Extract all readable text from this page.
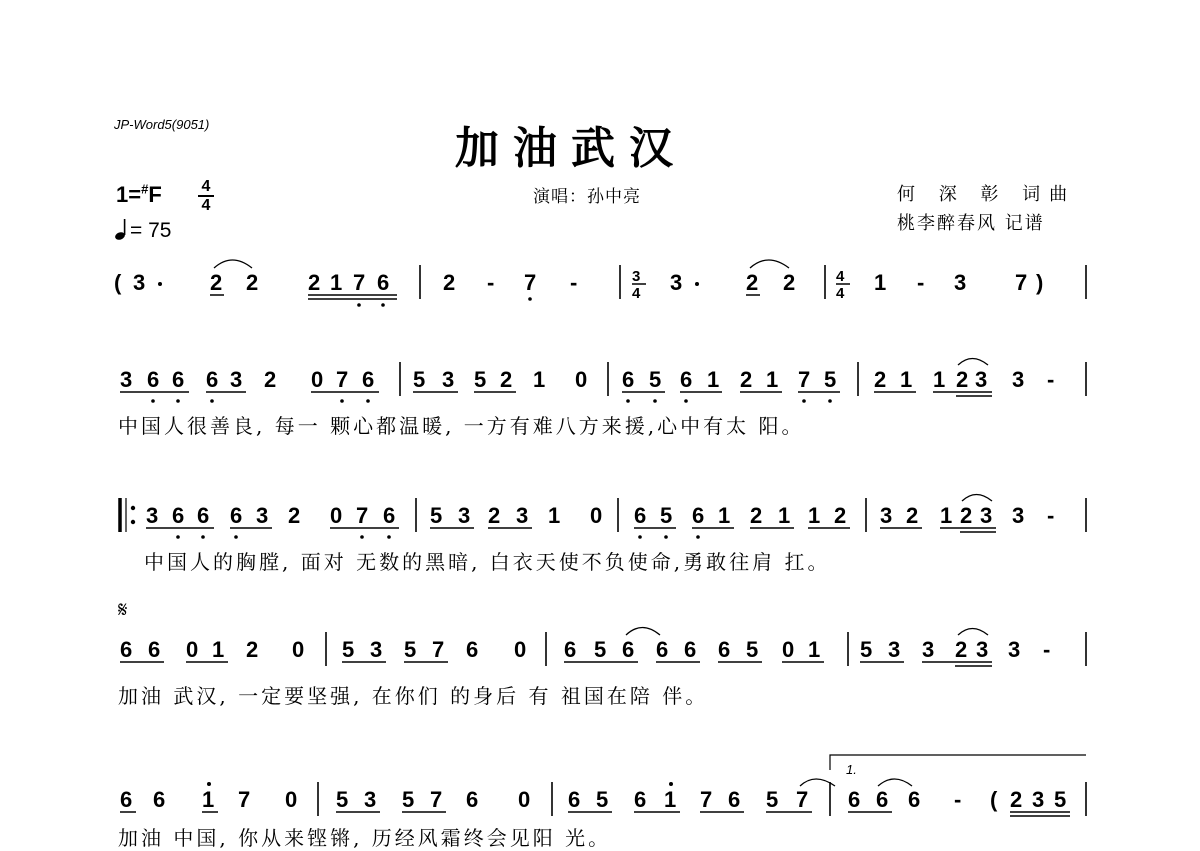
JP-Word5(9051)	加油武汉
演唱：孙中亮	何 深 彰 词曲
桃李醉春风 记谱
1=#F 4
4
= 75
𝄋
1.
( 3	2 2 2 1 7 6 2 - 7 -	3
4 3	2 2	4
4 1 - 3 7 )
3 6 6 6 3 2 0 7 6 5 3 5 2 1 0 6 5 6 1 2 1 7 5 2 1 1 2 3 3 -
3 6 6 6 3 2 0 7 6 5 3 2 3 1 0 6 5 6 1 2 1 1 2 3 2 1 2 3 3 -
6 6 0 1 2 0 5 3 5 7 6 0 6 5 6 6 6 6 5 0 1 5 3 3 2 3 3 -
6 6 1 7 0 5 3 5 7 6 0 6 5 6 1 7 6 5 7 6 6 6 - ( 2 3 5
中国人很善良, 每一 颗心都温暖, 一方有难八方来援,心中有太 阳。
中国人的胸膛, 面对 无数的黑暗, 白衣天使不负使命,勇敢往肩 扛。
加油 武汉, 一定要坚强, 在你们 的身后 有 祖国在陪 伴。
加油 中国, 你从来铿锵, 历经风霜终会见阳 光。
